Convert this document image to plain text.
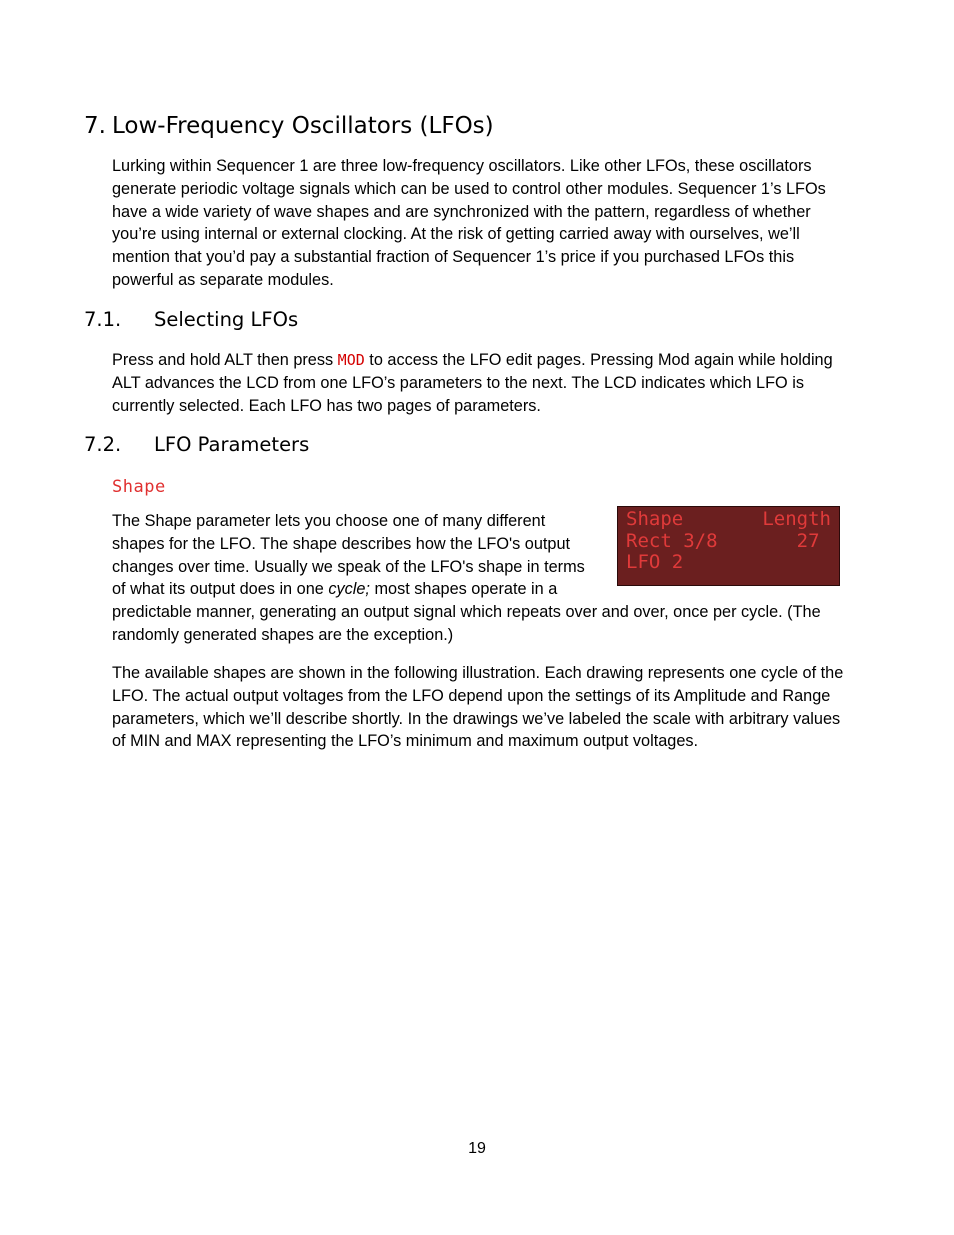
7. Low-Frequency Oscillators (LFOs)

Lurking within Sequencer 1 are three low-frequency oscillators. Like other LFOs, these oscillators generate periodic voltage signals which can be used to control other modules. Sequencer 1’s LFOs have a wide variety of wave shapes and are synchronized with the pattern, regardless of whether you’re using internal or external clocking. At the risk of getting carried away with ourselves, we’ll mention that you’d pay a substantial fraction of Sequencer 1’s price if you purchased LFOs this powerful as separate modules.

7.1. Selecting LFOs

Press and hold ALT then press MOD to access the LFO edit pages. Pressing Mod again while holding ALT advances the LCD from one LFO’s parameters to the next. The LCD indicates which LFO is currently selected. Each LFO has two pages of parameters.

7.2. LFO Parameters
Shape
Shape	Length
Rect 3/8	27
LFO 2

The Shape parameter lets you choose one of many different shapes for the LFO. The shape describes how the LFO's output changes over time. Usually we speak of the LFO's shape in terms of what its output does in one cycle; most shapes operate in a predictable manner, generating an output signal which repeats over and over, once per cycle. (The randomly generated shapes are the exception.)

The available shapes are shown in the following illustration. Each drawing represents one cycle of the LFO. The actual output voltages from the LFO depend upon the settings of its Amplitude and Range parameters, which we’ll describe shortly. In the drawings we’ve labeled the scale with arbitrary values of MIN and MAX representing the LFO’s minimum and maximum output voltages.

19
